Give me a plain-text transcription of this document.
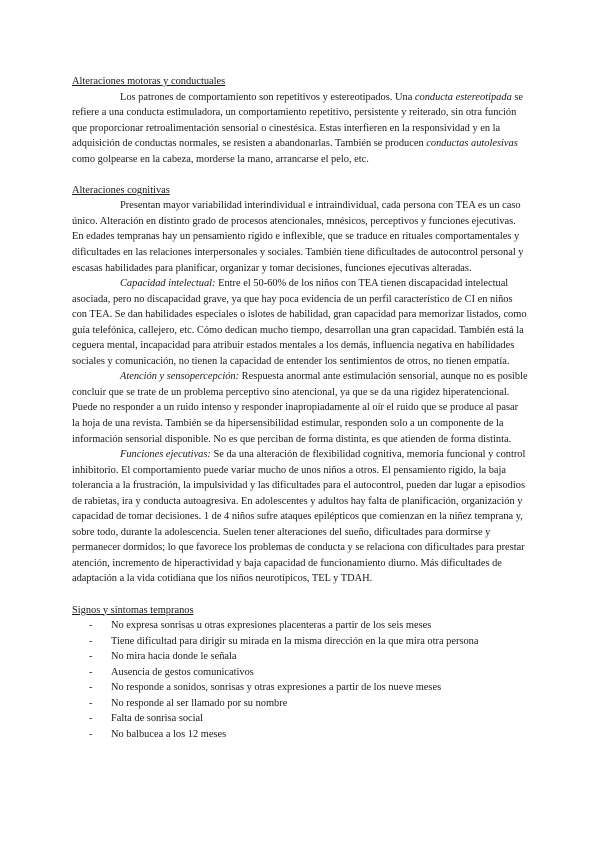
Alteraciones motoras y conductuales

Los patrones de comportamiento son repetitivos y estereotipados. Una conducta estereotipada se refiere a una conducta estimuladora, un comportamiento repetitivo, persistente y reiterado, sin otra función que proporcionar retroalimentación sensorial o cinestésica. Estas interfieren en la responsividad y en la adquisición de conductas normales, se resisten a abandonarlas. También se producen conductas autolesivas como golpearse en la cabeza, morderse la mano, arrancarse el pelo, etc.

Alteraciones cognitivas

Presentan mayor variabilidad interindividual e intraindividual, cada persona con TEA es un caso único. Alteración en distinto grado de procesos atencionales, mnésicos, perceptivos y funciones ejecutivas. En edades tempranas hay un pensamiento rígido e inflexible, que se traduce en rituales comportamentales y dificultades en las relaciones interpersonales y sociales. También tiene dificultades de autocontrol personal y escasas habilidades para planificar, organizar y tomar decisiones, funciones ejecutivas alteradas.

Capacidad intelectual: Entre el 50-60% de los niños con TEA tienen discapacidad intelectual asociada, pero no discapacidad grave, ya que hay poca evidencia de un perfil característico de CI en niños con TEA. Se dan habilidades especiales o islotes de habilidad, gran capacidad para memorizar listados, como guía telefónica, callejero, etc. Cómo dedican mucho tiempo, desarrollan una gran capacidad. También está la ceguera mental, incapacidad para atribuir estados mentales a los demás, influencia negativa en habilidades sociales y comunicación, no tienen la capacidad de entender los sentimientos de otros, no tienen empatía.

Atención y sensopercepción: Respuesta anormal ante estimulación sensorial, aunque no es posible concluir que se trate de un problema perceptivo sino atencional, ya que se da una rigidez hiperatencional. Puede no responder a un ruido intenso y responder inapropiadamente al oír el ruido que se produce al pasar la hoja de una revista. También se da hipersensibilidad estimular, responden solo a un componente de la información sensorial disponible. No es que perciban de forma distinta, es que atienden de forma distinta.

Funciones ejecutivas: Se da una alteración de flexibilidad cognitiva, memoria funcional y control inhibitorio. El comportamiento puede variar mucho de unos niños a otros. El pensamiento rígido, la baja tolerancia a la frustración, la impulsividad y las dificultades para el autocontrol, pueden dar lugar a episodios de rabietas, ira y conducta autoagresiva. En adolescentes y adultos hay falta de planificación, organización y capacidad de tomar decisiones. 1 de 4 niños sufre ataques epilépticos que comienzan en la niñez temprana y, sobre todo, durante la adolescencia. Suelen tener alteraciones del sueño, dificultades para dormirse y permanecer dormidos; lo que favorece los problemas de conducta y se relaciona con dificultades para prestar atención, incremento de hiperactividad y baja capacidad de funcionamiento diurno. Más dificultades de adaptación a la vida cotidiana que los niños neurotípicos, TEL y TDAH.

Signos y síntomas tempranos

- No expresa sonrisas u otras expresiones placenteras a partir de los seis meses
- Tiene dificultad para dirigir su mirada en la misma dirección en la que mira otra persona
- No mira hacia donde le señala
- Ausencia de gestos comunicativos
- No responde a sonidos, sonrisas y otras expresiones a partir de los nueve meses
- No responde al ser llamado por su nombre
- Falta de sonrisa social
- No balbucea a los 12 meses
